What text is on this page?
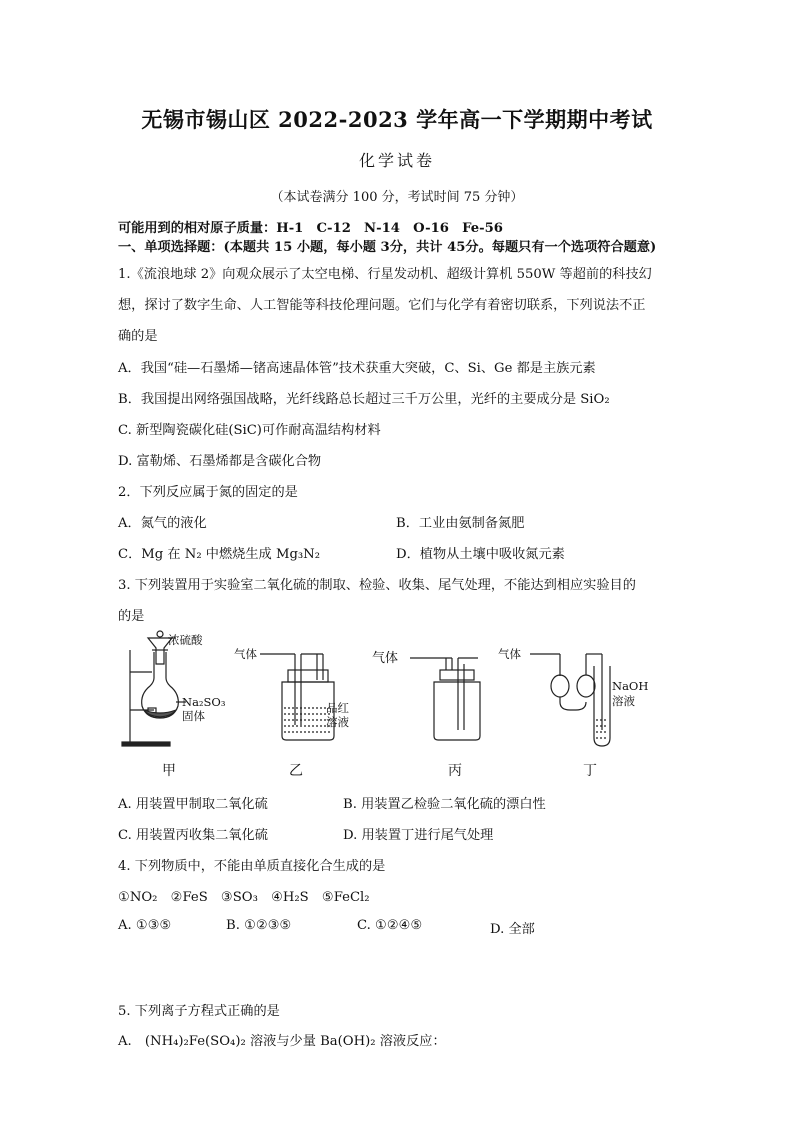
无锡市锡山区 2022-2023 学年高一下学期期中考试
化学试卷
（本试卷满分 100 分，考试时间 75 分钟）
可能用到的相对原子质量：H-1　C-12　N-14　O-16　Fe-56
一、单项选择题：(本题共 15 小题，每小题 3分，共计 45分。每题只有一个选项符合题意)
1.《流浪地球 2》向观众展示了太空电梯、行星发动机、超级计算机 550W 等超前的科技幻
想，探讨了数字生命、人工智能等科技伦理问题。它们与化学有着密切联系，下列说法不正
确的是
A．我国“硅—石墨烯—锗高速晶体管”技术获重大突破，C、Si、Ge 都是主族元素
B．我国提出网络强国战略，光纤线路总长超过三千万公里，光纤的主要成分是 SiO₂
C. 新型陶瓷碳化硅(SiC)可作耐高温结构材料
D. 富勒烯、石墨烯都是含碳化合物
2．下列反应属于氮的固定的是
A．氮气的液化	B．工业由氨制备氮肥
C．Mg 在 N₂ 中燃烧生成 Mg₃N₂	D．植物从土壤中吸收氮元素
3. 下列装置用于实验室二氧化硫的制取、检验、收集、尾气处理，不能达到相应实验目的
的是
浓硫酸
Na₂SO₃
固体
气体
品红
溶液
气体	气体
NaOH
溶液
甲	乙	丙	丁
A. 用装置甲制取二氧化硫	B. 用装置乙检验二氧化硫的漂白性
C. 用装置丙收集二氧化硫	D. 用装置丁进行尾气处理
4. 下列物质中，不能由单质直接化合生成的是
①NO₂　②FeS　③SO₃　④H₂S　⑤FeCl₂
A. ①③⑤	B. ①②③⑤	C. ①②④⑤	D. 全部
5. 下列离子方程式正确的是
A.　(NH₄)₂Fe(SO₄)₂ 溶液与少量 Ba(OH)₂ 溶液反应：
